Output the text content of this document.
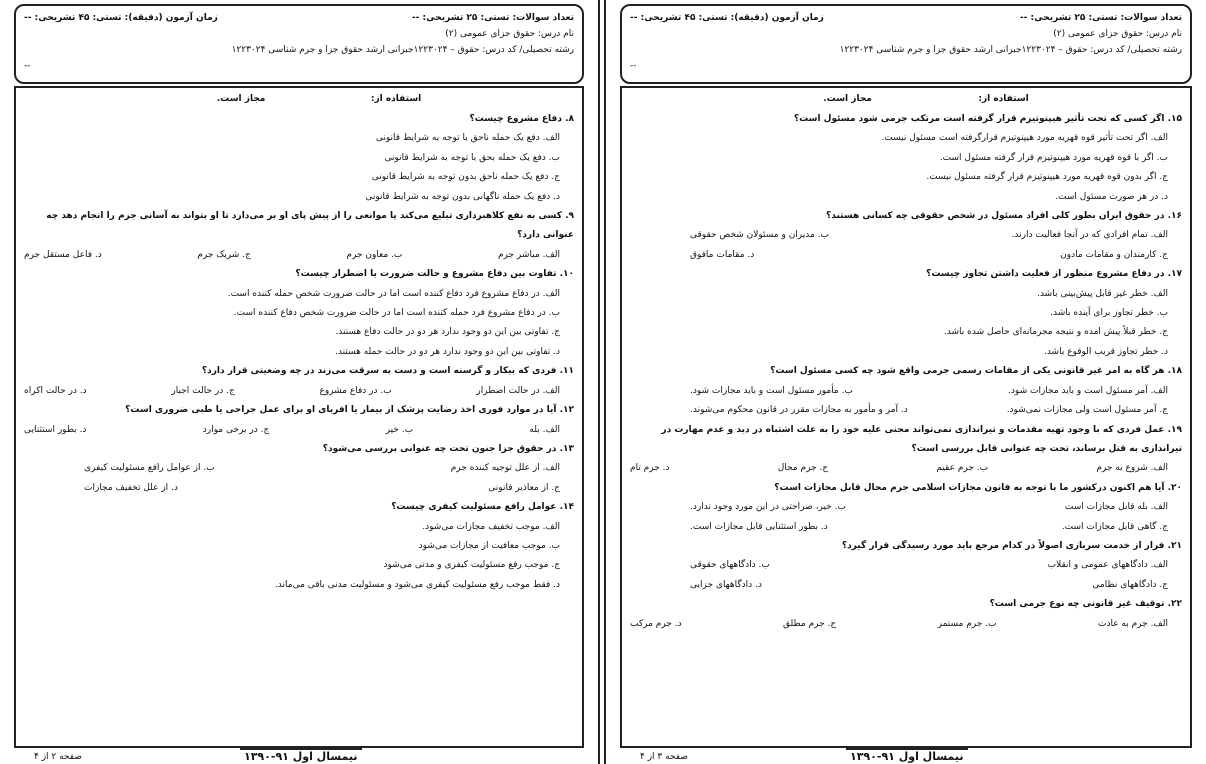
تعداد سوالات: تستی: ۲۵ تشریحی: --
زمان آزمون (دقیقه): تستی: ۴۵ تشریحی: --
نام درس: حقوق جزای عمومی (۲)
رشته تحصیلی/ کد درس: حقوق – ۱۲۲۳۰۲۴جبرانی ارشد حقوق جزا و جرم شناسی ۱۲۲۳۰۲۴
--
استفاده از:
مجاز است.
۸. دفاع مشروع چیست؟
الف. دفع یک حمله ناحق با توجه به شرایط قانونی
ب. دفع یک حمله بحق با توجه به شرایط قانونی
ج. دفع یک حمله ناحق بدون توجه به شرایط قانونی
د. دفع یک حمله ناگهانی بدون توجه به شرایط قانونی
۹. کسی به نفع کلاهبرداری تبلیغ می‌کند یا موانعی را از پیش پای او بر می‌دارد تا او بتواند به آسانی جرم را انجام دهد چه عنوانی دارد؟
الف. مباشر جرم
ب. معاون جرم
ج. شریک جرم
د. فاعل مستقل جرم
۱۰. تفاوت بین دفاع مشروع و حالت ضرورت یا اضطرار چیست؟
الف. در دفاع مشروع فرد دفاع کننده است اما در حالت ضرورت شخص حمله کننده است.
ب. در دفاع مشروع فرد حمله کننده است اما در حالت ضرورت شخص دفاع کننده است.
ج. تفاوتی بین این دو وجود ندارد هر دو در حالت دفاع هستند.
د. تفاوتی بین این دو وجود ندارد هر دو در حالت حمله هستند.
۱۱. فردی که بیکار و گرسنه است و دست به سرقت می‌زند در چه وضعیتی قرار دارد؟
الف. در حالت اضطرار
ب. در دفاع مشروع
ج. در حالت اجبار
د. در حالت اکراه
۱۲. آیا در موارد فوری اخذ رضایت پزشک از بیمار یا اقربای او برای عمل جراحی یا طبی ضروری است؟
الف. بله
ب. خیر
ج. در برخی موارد
د. بطور استثنایی
۱۳. در حقوق جزا جنون تحت چه عنوانی بررسی می‌شود؟
الف. از علل توجیه کننده جرم
ب. از عوامل رافع مسئولیت کیفری
ج. از معاذیر قانونی
د. از علل تخفیف مجازات
۱۴. عوامل رافع مسئولیت کیفری چیست؟
الف. موجب تخفیف مجازات می‌شود.
ب. موجب معافیت از مجازات می‌شود
ج. موجب رفع مسئولیت کیفری و مدنی می‌شود
د. فقط موجب رفع مسئولیت کیفری می‌شود و مسئولیت مدنی باقی می‌ماند.
نیمسال اول ۹۱-۱۳۹۰
صفحه ۲ از ۴
تعداد سوالات: تستی: ۲۵ تشریحی: --
زمان آزمون (دقیقه): تستی: ۴۵ تشریحی: --
نام درس: حقوق جزای عمومی (۲)
رشته تحصیلی/ کد درس: حقوق – ۱۲۲۳۰۲۴جبرانی ارشد حقوق جزا و جرم شناسی ۱۲۲۳۰۲۴
--
استفاده از:
مجاز است.
۱۵. اگر کسی که تحت تأثیر هیپنوتیزم قرار گرفته است مرتکب جرمی شود مسئول است؟
الف. اگر تحت تأثیر قوه قهریه مورد هیپنوتیزم قرارگرفته است مسئول نیست.
ب. اگر با قوه قهریه مورد هیپنوتیزم قرار گرفته مسئول است.
ج. اگر بدون قوه قهریه مورد هیپنوتیزم قرار گرفته مسئول نیست.
د. در هر صورت مسئول است.
۱۶. در حقوق ایران بطور کلی افراد مسئول در شخص حقوقی چه کسانی هستند؟
الف. تمام افرادی که در آنجا فعالیت دارند.
ب. مدیران و مسئولان شخص حقوقی
ج. کارمندان و مقامات مادون
د. مقامات مافوق
۱۷. در دفاع مشروع منظور از فعلیت داشتن تجاوز چیست؟
الف. خطر غیر قابل پیش‌بینی باشد.
ب. خطر تجاوز برای آینده باشد.
ج. خطر قبلاً پیش امده و نتیجه مجرمانه‌ای حاصل شده باشد.
د. خطر تجاوز قریب الوقوع باشد.
۱۸. هر گاه به امر غیر قانونی یکی از مقامات رسمی جرمی واقع شود چه کسی مسئول است؟
الف. آمر مسئول است و باید مجازات شود.
ب. مأمور مسئول است و باید مجازات شود.
ج. آمر مسئول است ولی مجازات نمی‌شود.
د. آمر و مأمور به مجازات مقرر در قانون محکوم می‌شوند.
۱۹. عمل فردی که با وجود تهیه مقدمات و تیراندازی نمی‌تواند مجنی علیه خود را به علت اشتباه در دید و عدم مهارت در تیراندازی به قتل برساند، تحت چه عنوانی قابل بررسی است؟
الف. شروع به جرم
ب. جرم عقیم
ج. جرم محال
د. جرم تام
۲۰. آیا هم اکنون درکشور ما با توجه به قانون مجازات اسلامی جرم محال قابل مجازات است؟
الف. بله قابل مجازات است
ب. خیر، صراحتی در این مورد وجود ندارد.
ج. گاهی قابل مجازات است.
د. بطور استثنایی قابل مجازات است.
۲۱. فرار از خدمت سربازی اصولاً در کدام مرجع باید مورد رسیدگی قرار گیرد؟
الف. دادگاههای عمومی و انقلاب
ب. دادگاههای حقوقی
ج. دادگاههای نظامی
د. دادگاههای جزایی
۲۲. توقیف غیر قانونی چه نوع جرمی است؟
الف. جرم به عادت
ب. جرم مستمر
ج. جرم مطلق
د. جرم مرکب
نیمسال اول ۹۱-۱۳۹۰
صفحه ۳ از ۴
